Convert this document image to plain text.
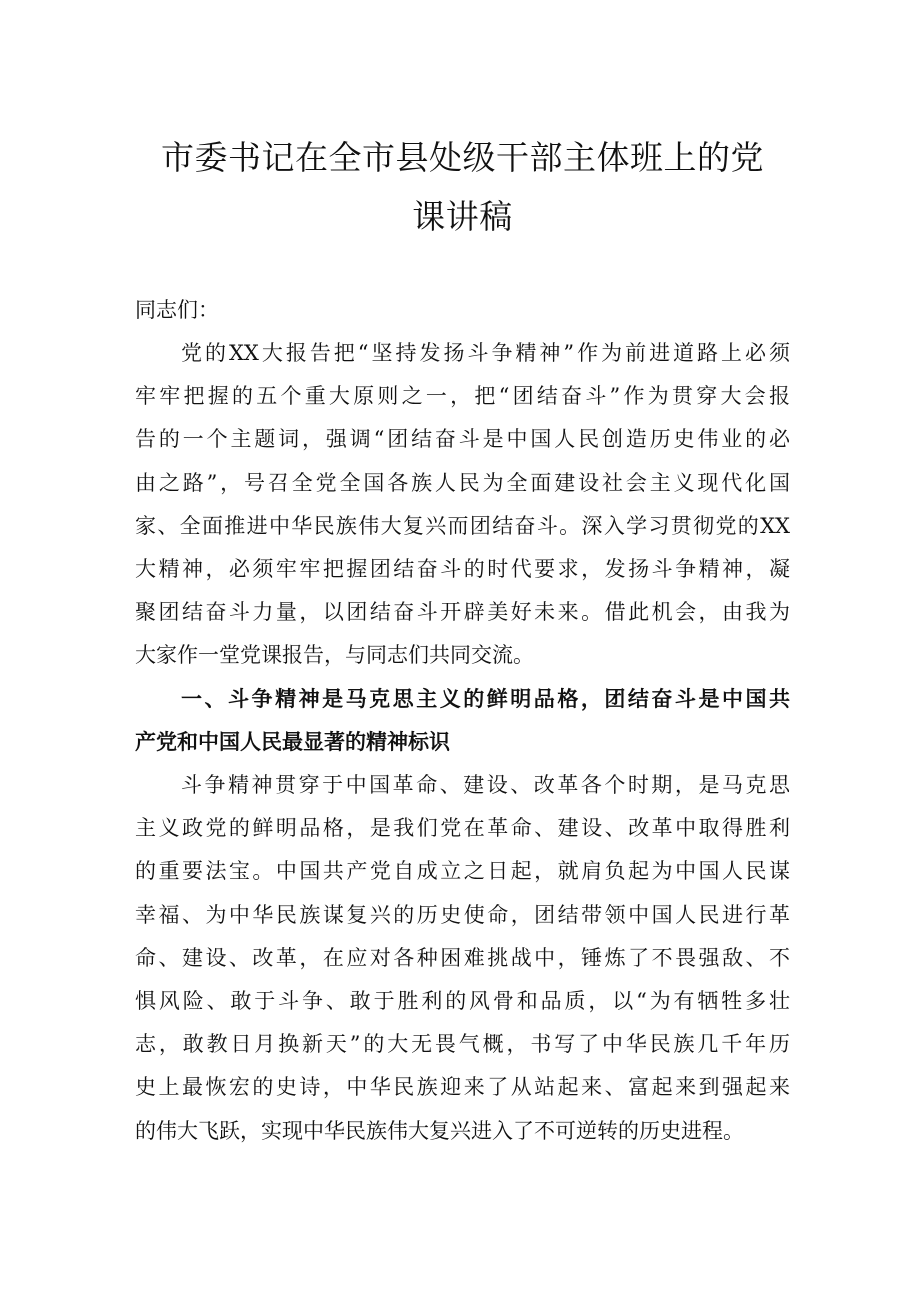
市委书记在全市县处级干部主体班上的党
课讲稿
同志们：
党的XX大报告把“坚持发扬斗争精神”作为前进道路上必须
牢牢把握的五个重大原则之一，把“团结奋斗”作为贯穿大会报
告的一个主题词，强调“团结奋斗是中国人民创造历史伟业的必
由之路”，号召全党全国各族人民为全面建设社会主义现代化国
家、全面推进中华民族伟大复兴而团结奋斗。深入学习贯彻党的XX
大精神，必须牢牢把握团结奋斗的时代要求，发扬斗争精神，凝
聚团结奋斗力量，以团结奋斗开辟美好未来。借此机会，由我为
大家作一堂党课报告，与同志们共同交流。
一、斗争精神是马克思主义的鲜明品格，团结奋斗是中国共
产党和中国人民最显著的精神标识
斗争精神贯穿于中国革命、建设、改革各个时期，是马克思
主义政党的鲜明品格，是我们党在革命、建设、改革中取得胜利
的重要法宝。中国共产党自成立之日起，就肩负起为中国人民谋
幸福、为中华民族谋复兴的历史使命，团结带领中国人民进行革
命、建设、改革，在应对各种困难挑战中，锤炼了不畏强敌、不
惧风险、敢于斗争、敢于胜利的风骨和品质，以“为有牺牲多壮
志，敢教日月换新天”的大无畏气概，书写了中华民族几千年历
史上最恢宏的史诗，中华民族迎来了从站起来、富起来到强起来
的伟大飞跃，实现中华民族伟大复兴进入了不可逆转的历史进程。
